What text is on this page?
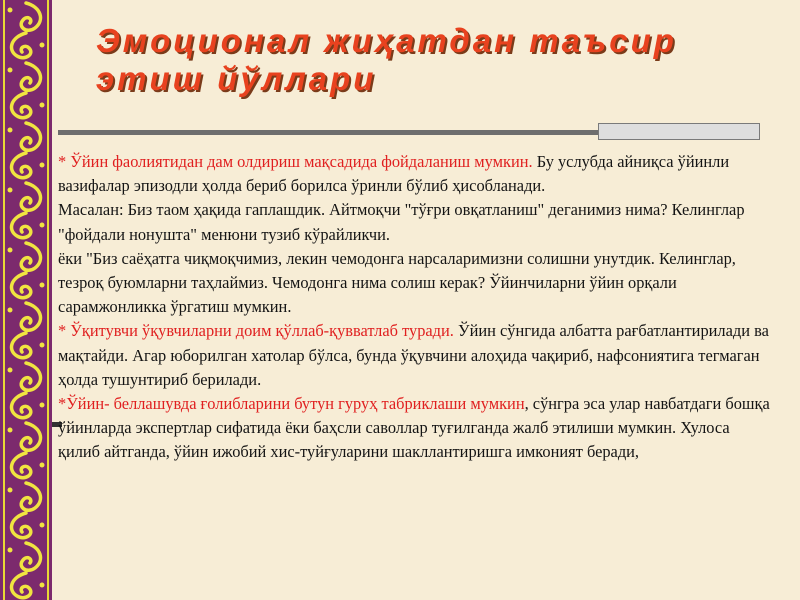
Эмоционал жиҳатдан таъсир
этиш йўллари

* Ўйин фаолиятидан дам олдириш мақсадида фойдаланиш мумкин. Бу услубда айниқса ўйинли вазифалар эпизодли ҳолда бериб борилса ўринли бўлиб ҳисобланади.

Масалан: Биз таом ҳақида гаплашдик. Айтмоқчи "тўғри овқатланиш" деганимиз нима? Келинглар "фойдали нонушта" менюни тузиб кўрайликчи.

ёки "Биз саёҳатга чиқмоқчимиз, лекин чемодонга нарсаларимизни солишни унутдик. Келинглар, тезроқ буюмларни таҳлаймиз. Чемодонга нима солиш керак? Ўйинчиларни ўйин орқали сарамжонликка ўргатиш мумкин.

* Ўқитувчи ўқувчиларни доим қўллаб-қувватлаб туради. Ўйин сўнгида албатта рағбатлантирилади ва мақтайди. Агар юборилган хатолар бўлса, бунда ўқувчини алоҳида чақириб, нафсониятига тегмаган ҳолда тушунтириб берилади.

*Ўйин- беллашувда ғолибларини бутун гуруҳ табриклаши мумкин, сўнгра эса улар навбатдаги бошқа ўйинларда экспертлар сифатида ёки баҳсли саволлар туғилганда жалб этилиши мумкин. Хулоса қилиб айтганда, ўйин ижобий хис-туйғуларини шакллантиришга имконият беради,
